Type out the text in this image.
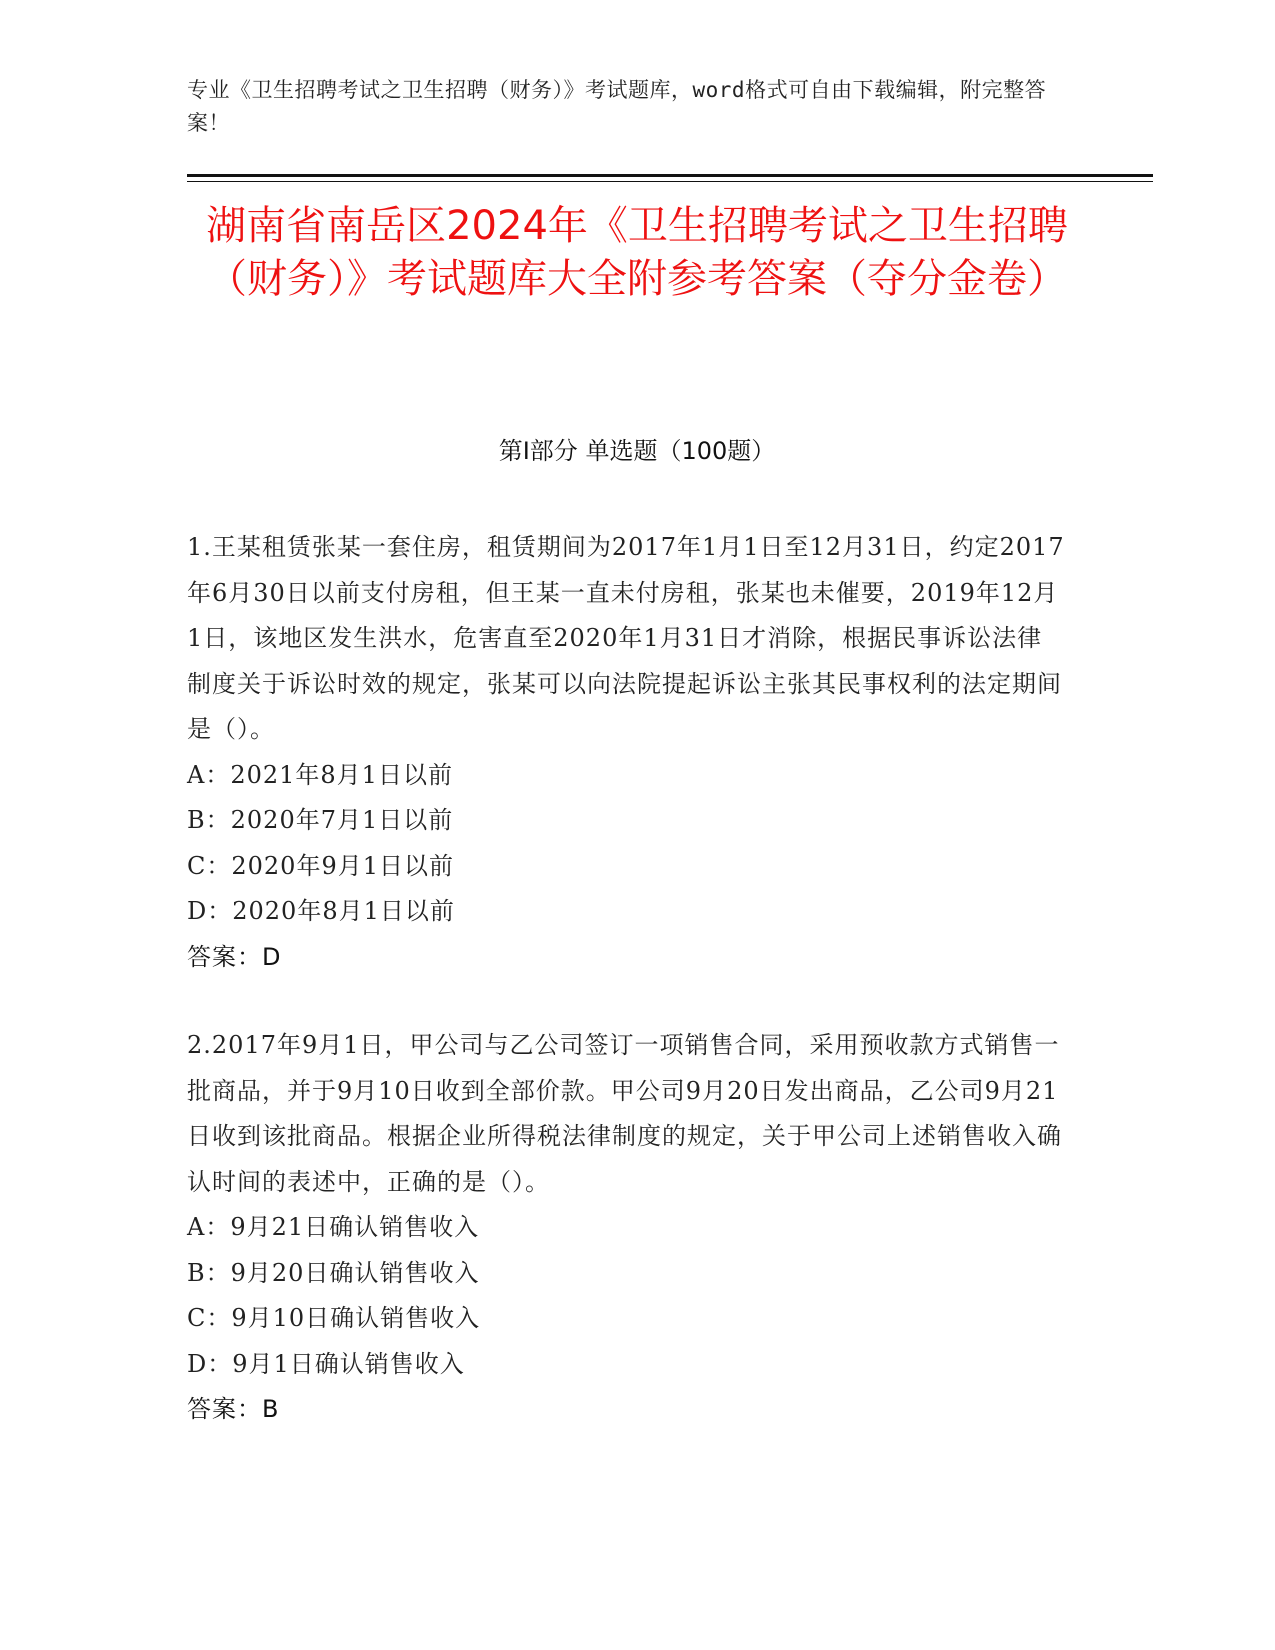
专业《卫生招聘考试之卫生招聘（财务）》考试题库，word格式可自由下载编辑，附完整答案！
湖南省南岳区2024年《卫生招聘考试之卫生招聘（财务）》考试题库大全附参考答案（夺分金卷）
第I部分 单选题（100题）

1.王某租赁张某一套住房，租赁期间为2017年1月1日至12月31日，约定2017年6月30日以前支付房租，但王某一直未付房租，张某也未催要，2019年12月1日，该地区发生洪水，危害直至2020年1月31日才消除，根据民事诉讼法律制度关于诉讼时效的规定，张某可以向法院提起诉讼主张其民事权利的法定期间是（）。

A：2021年8月1日以前
B：2020年7月1日以前
C：2020年9月1日以前
D：2020年8月1日以前
答案：D

2.2017年9月1日，甲公司与乙公司签订一项销售合同，采用预收款方式销售一批商品，并于9月10日收到全部价款。甲公司9月20日发出商品，乙公司9月21日收到该批商品。根据企业所得税法律制度的规定，关于甲公司上述销售收入确认时间的表述中，正确的是（）。

A：9月21日确认销售收入
B：9月20日确认销售收入
C：9月10日确认销售收入
D：9月1日确认销售收入
答案：B
